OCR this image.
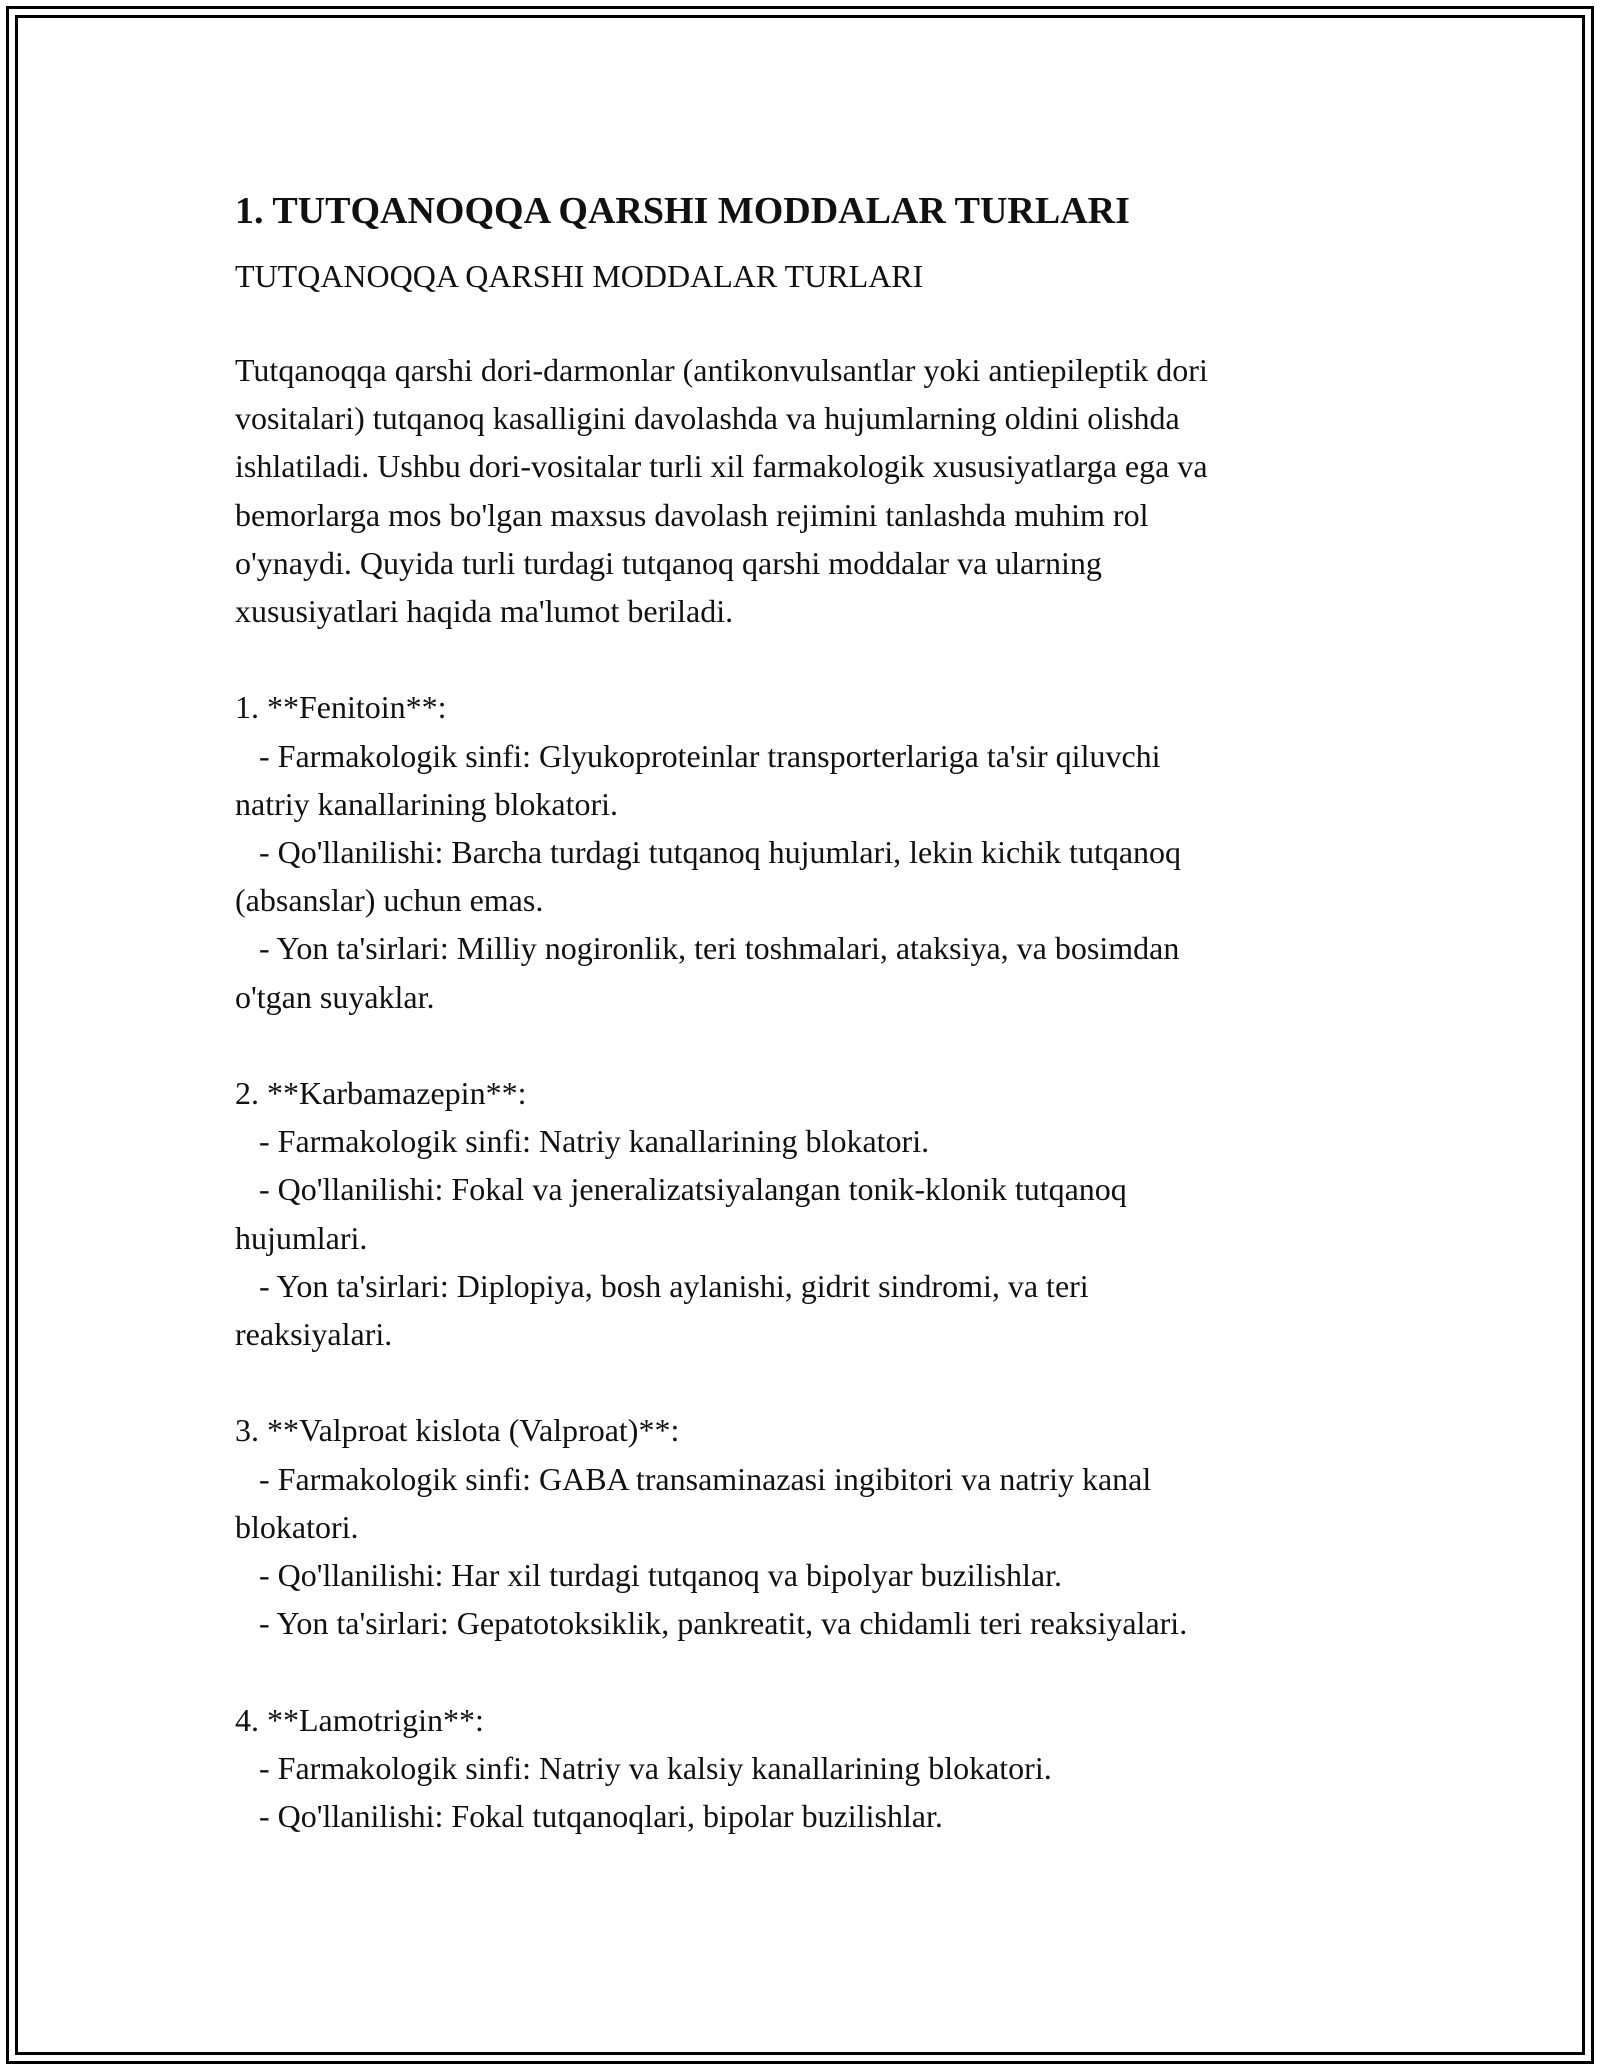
1. TUTQANOQQA QARSHI MODDALAR TURLARI
TUTQANOQQA QARSHI MODDALAR TURLARI
Tutqanoqqa qarshi dori-darmonlar (antikonvulsantlar yoki antiepileptik dori
vositalari) tutqanoq kasalligini davolashda va hujumlarning oldini olishda
ishlatiladi. Ushbu dori-vositalar turli xil farmakologik xususiyatlarga ega va
bemorlarga mos bo'lgan maxsus davolash rejimini tanlashda muhim rol
o'ynaydi. Quyida turli turdagi tutqanoq qarshi moddalar va ularning
xususiyatlari haqida ma'lumot beriladi.
1. **Fenitoin**:
- Farmakologik sinfi: Glyukoproteinlar transporterlariga ta'sir qiluvchi
natriy kanallarining blokatori.
- Qo'llanilishi: Barcha turdagi tutqanoq hujumlari, lekin kichik tutqanoq
(absanslar) uchun emas.
- Yon ta'sirlari: Milliy nogironlik, teri toshmalari, ataksiya, va bosimdan
o'tgan suyaklar.
2. **Karbamazepin**:
- Farmakologik sinfi: Natriy kanallarining blokatori.
- Qo'llanilishi: Fokal va jeneralizatsiyalangan tonik-klonik tutqanoq
hujumlari.
- Yon ta'sirlari: Diplopiya, bosh aylanishi, gidrit sindromi, va teri
reaksiyalari.
3. **Valproat kislota (Valproat)**:
- Farmakologik sinfi: GABA transaminazasi ingibitori va natriy kanal
blokatori.
- Qo'llanilishi: Har xil turdagi tutqanoq va bipolyar buzilishlar.
- Yon ta'sirlari: Gepatotoksiklik, pankreatit, va chidamli teri reaksiyalari.
4. **Lamotrigin**:
- Farmakologik sinfi: Natriy va kalsiy kanallarining blokatori.
- Qo'llanilishi: Fokal tutqanoqlari, bipolar buzilishlar.
